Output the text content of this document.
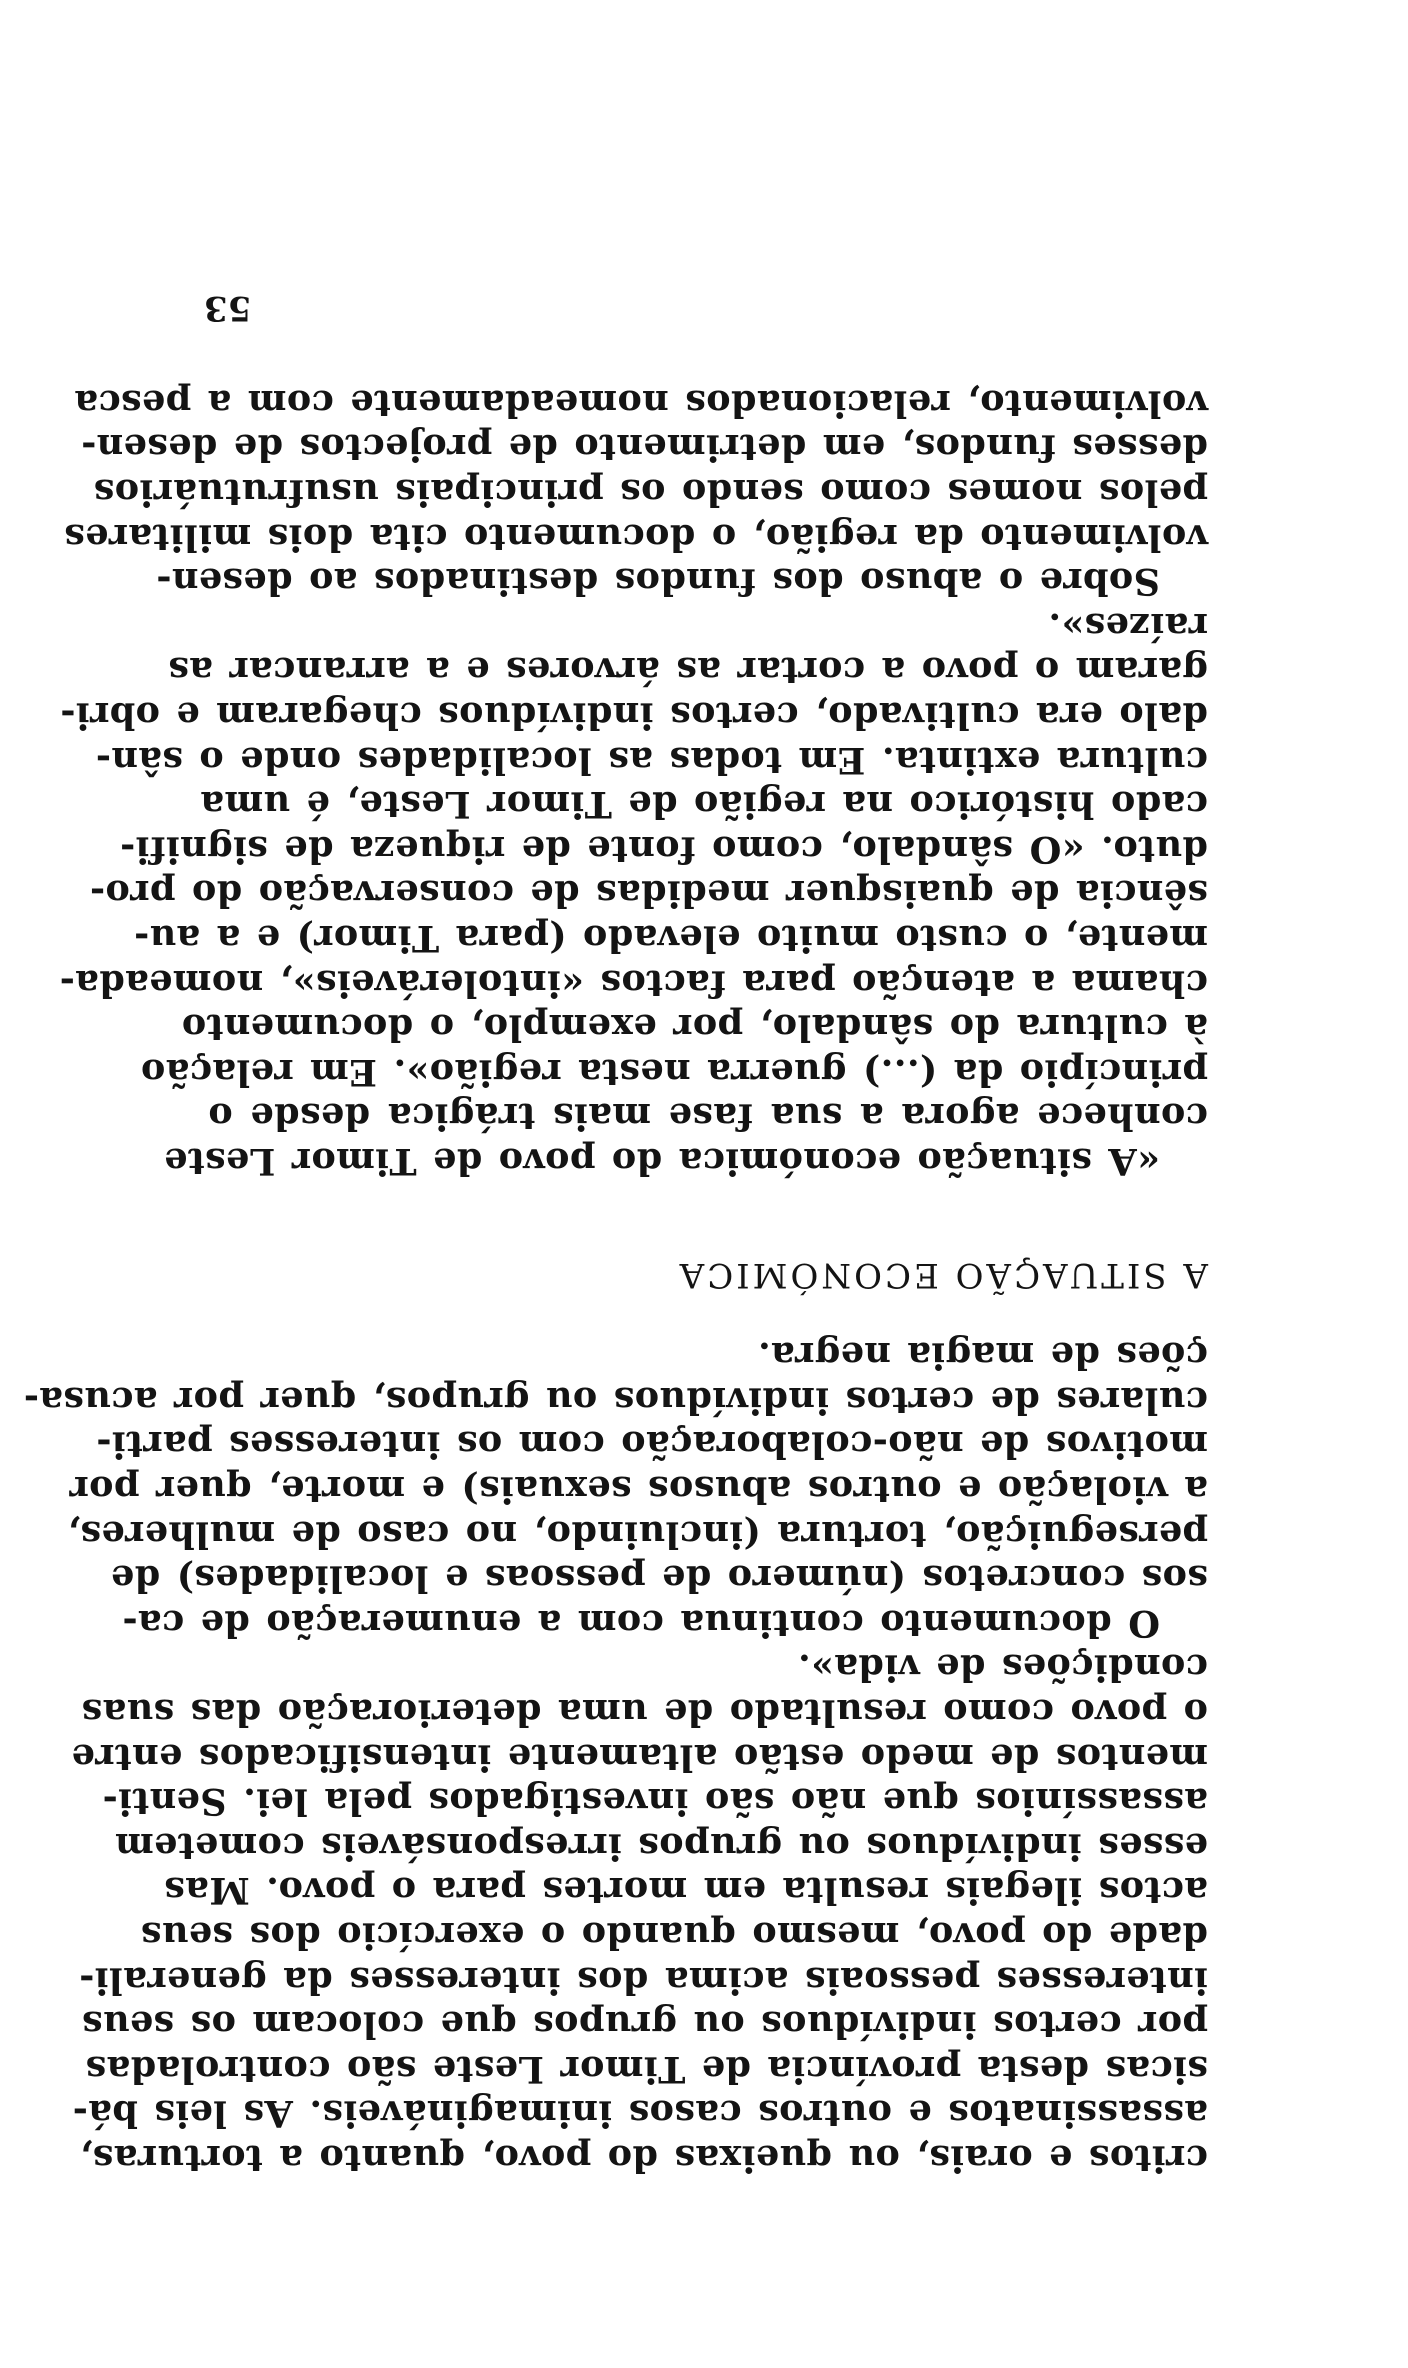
critos e orais, ou queixas do povo, quanto a torturas,
assassinatos e outros casos inimagináveis. As leis bá-
sicas desta província de Timor Leste são controladas
por certos indivíduos ou grupos que colocam os seus
interesses pessoais acima dos interesses da generali-
dade do povo, mesmo quando o exercício dos seus
actos ilegais resulta em mortes para o povo. Mas
esses indivíduos ou grupos irresponsáveis cometem
assassínios que não são investigados pela lei. Senti-
mentos de medo estão altamente intensificados entre
o povo como resultado de uma deterioração das suas
condições de vida».
O documento continua com a enumeração de ca-
sos concretos (número de pessoas e localidades) de
perseguição, tortura (incluindo, no caso de mulheres,
a violação e outros abusos sexuais) e morte, quer por
motivos de não-colaboração com os interesses parti-
culares de certos indivíduos ou grupos, quer por acusa-
ções de magia negra.
A SITUAÇÃO ECONÓMICA
«A situação económica do povo de Timor Leste
conhece agora a sua fase mais trágica desde o
princípio da (...) guerra nesta região». Em relação
à cultura do sândalo, por exemplo, o documento
chama a atenção para factos «intoleráveis», nomeada-
mente, o custo muito elevado (para Timor) e a au-
sência de quaisquer medidas de conservação do pro-
duto. «O sândalo, como fonte de riqueza de signifi-
cado histórico na região de Timor Leste, é uma
cultura extinta. Em todas as localidades onde o sân-
dalo era cultivado, certos indivíduos chegaram e obri-
garam o povo a cortar as árvores e a arrancar as
raízes».
Sobre o abuso dos fundos destinados ao desen-
volvimento da região, o documento cita dois militares
pelos nomes como sendo os principais usufrutuários
desses fundos, em detrimento de projectos de desen-
volvimento, relacionados nomeadamente com a pesca
53
